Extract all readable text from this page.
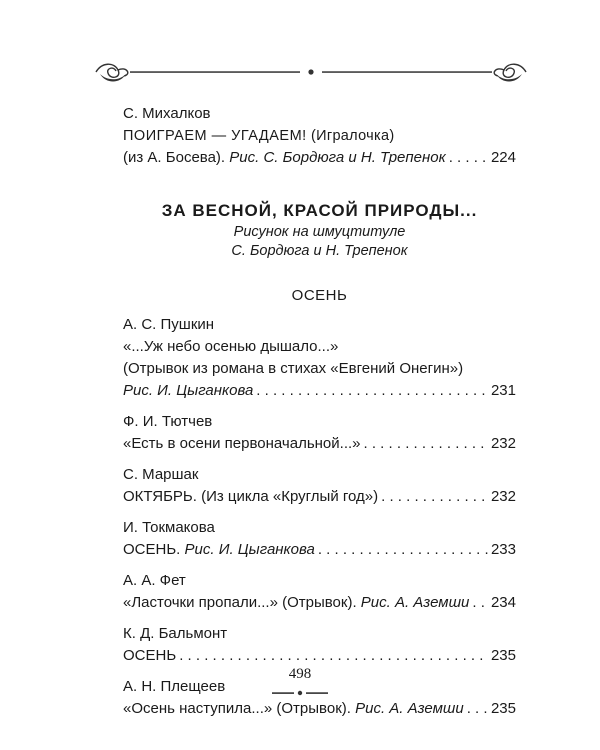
С. Михалков
ПОИГРАЕМ — УГАДАЕМ! (Игралочка)
(из А. Босева). Рис. С. Бордюга и Н. Трепенок . . .	224
ЗА ВЕСНОЙ, КРАСОЙ ПРИРОДЫ...
Рисунок на шмуцтитуле
С. Бордюга и Н. Трепенок
ОСЕНЬ
А. С. Пушкин
«...Уж небо осенью дышало...»
(Отрывок из романа в стихах «Евгений Онегин»)
Рис. И. Цыганкова . . .	231
Ф. И. Тютчев
«Есть в осени первоначальной...» . . .	232
С. Маршак
ОКТЯБРЬ. (Из цикла «Круглый год») . . .	232
И. Токмакова
ОСЕНЬ. Рис. И. Цыганкова . . .	233
А. А. Фет
«Ласточки пропали...» (Отрывок). Рис. А. Аземши . . . 234
К. Д. Бальмонт
ОСЕНЬ . . .	235
А. Н. Плещеев
«Осень наступила...» (Отрывок). Рис. А. Аземши . . . 235
498
